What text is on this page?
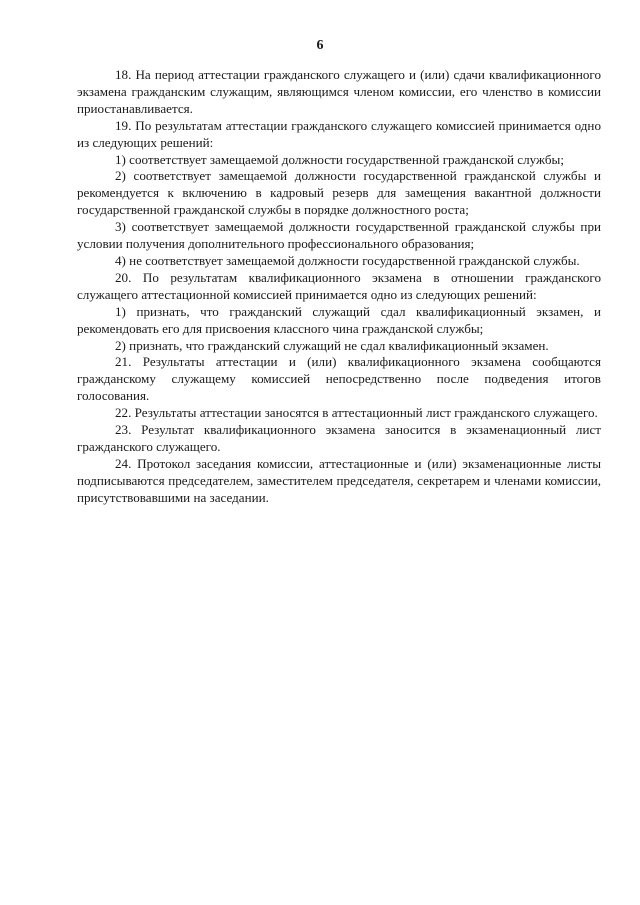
6

18. На период аттестации гражданского служащего и (или) сдачи квалификационного экзамена гражданским служащим, являющимся членом комиссии, его членство в комиссии приостанавливается.

19. По результатам аттестации гражданского служащего комиссией принимается одно из следующих решений:

1) соответствует замещаемой должности государственной гражданской службы;

2) соответствует замещаемой должности государственной гражданской службы и рекомендуется к включению в кадровый резерв для замещения вакантной должности государственной гражданской службы в порядке должностного роста;

3) соответствует замещаемой должности государственной гражданской службы при условии получения дополнительного профессионального образования;

4) не соответствует замещаемой должности государственной гражданской службы.

20. По результатам квалификационного экзамена в отношении гражданского служащего аттестационной комиссией принимается одно из следующих решений:

1) признать, что гражданский служащий сдал квалификационный экзамен, и рекомендовать его для присвоения классного чина гражданской службы;

2) признать, что гражданский служащий не сдал квалификационный экзамен.

21. Результаты аттестации и (или) квалификационного экзамена сообщаются гражданскому служащему комиссией непосредственно после подведения итогов голосования.

22. Результаты аттестации заносятся в аттестационный лист гражданского служащего.

23. Результат квалификационного экзамена заносится в экзаменационный лист гражданского служащего.

24. Протокол заседания комиссии, аттестационные и (или) экзаменационные листы подписываются председателем, заместителем председателя, секретарем и членами комиссии, присутствовавшими на заседании.
